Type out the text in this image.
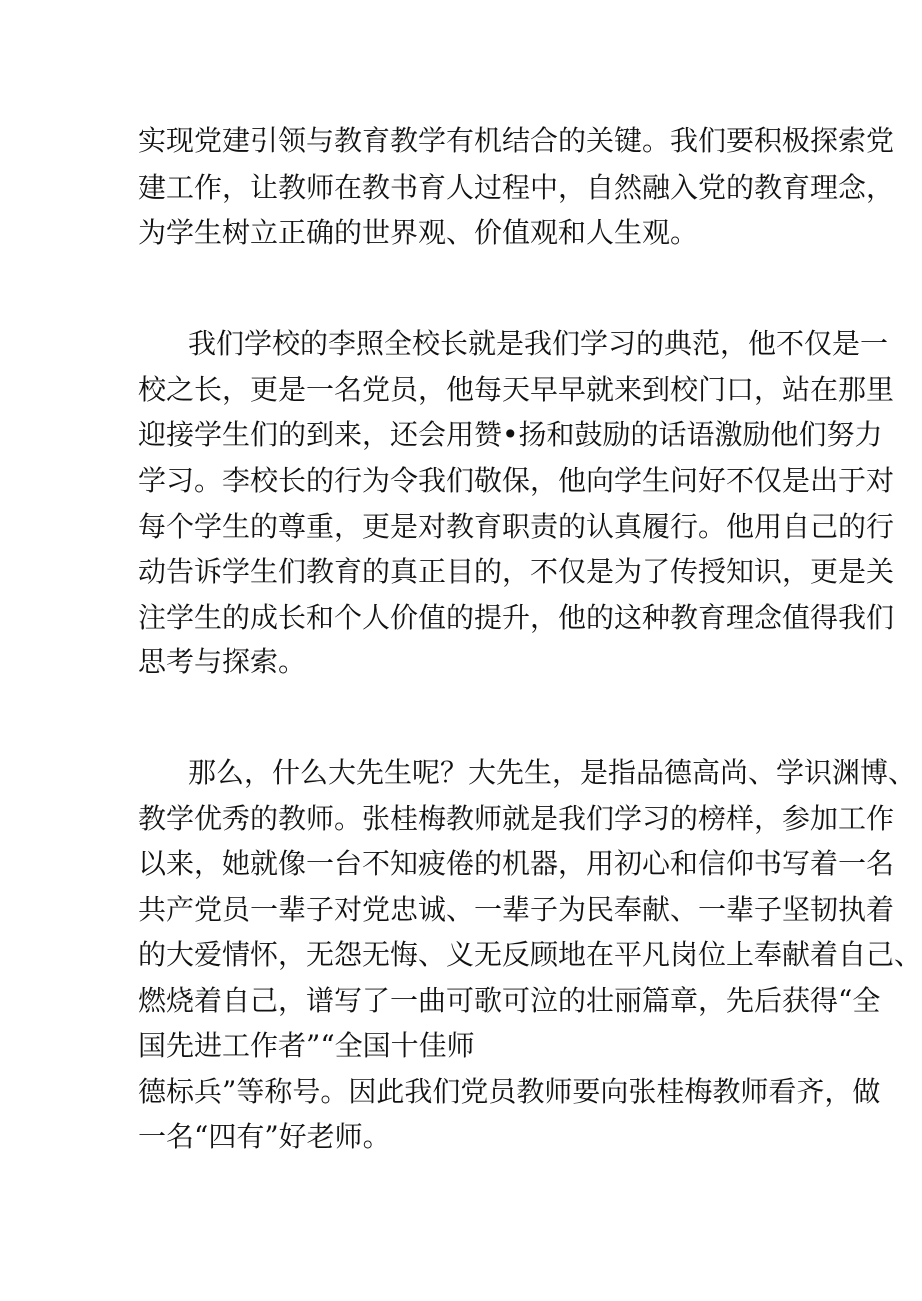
实现党建引领与教育教学有机结合的关键。我们要积极探索党
建工作，让教师在教书育人过程中，自然融入党的教育理念，
为学生树立正确的世界观、价值观和人生观。
我们学校的李照全校长就是我们学习的典范，他不仅是一
校之长，更是一名党员，他每天早早就来到校门口，站在那里
迎接学生们的到来，还会用赞•扬和鼓励的话语激励他们努力
学习。李校长的行为令我们敬保，他向学生问好不仅是出于对
每个学生的尊重，更是对教育职责的认真履行。他用自己的行
动告诉学生们教育的真正目的，不仅是为了传授知识，更是关
注学生的成长和个人价值的提升，他的这种教育理念值得我们
思考与探索。
那么，什么大先生呢？大先生，是指品德高尚、学识渊博、
教学优秀的教师。张桂梅教师就是我们学习的榜样，参加工作
以来，她就像一台不知疲倦的机器，用初心和信仰书写着一名
共产党员一辈子对党忠诚、一辈子为民奉献、一辈子坚韧执着
的大爱情怀，无怨无悔、义无反顾地在平凡岗位上奉献着自己、
燃烧着自己，谱写了一曲可歌可泣的壮丽篇章，先后获得“全
国先进工作者”“全国十佳师
德标兵”等称号。因此我们党员教师要向张桂梅教师看齐，做
一名“四有”好老师。
